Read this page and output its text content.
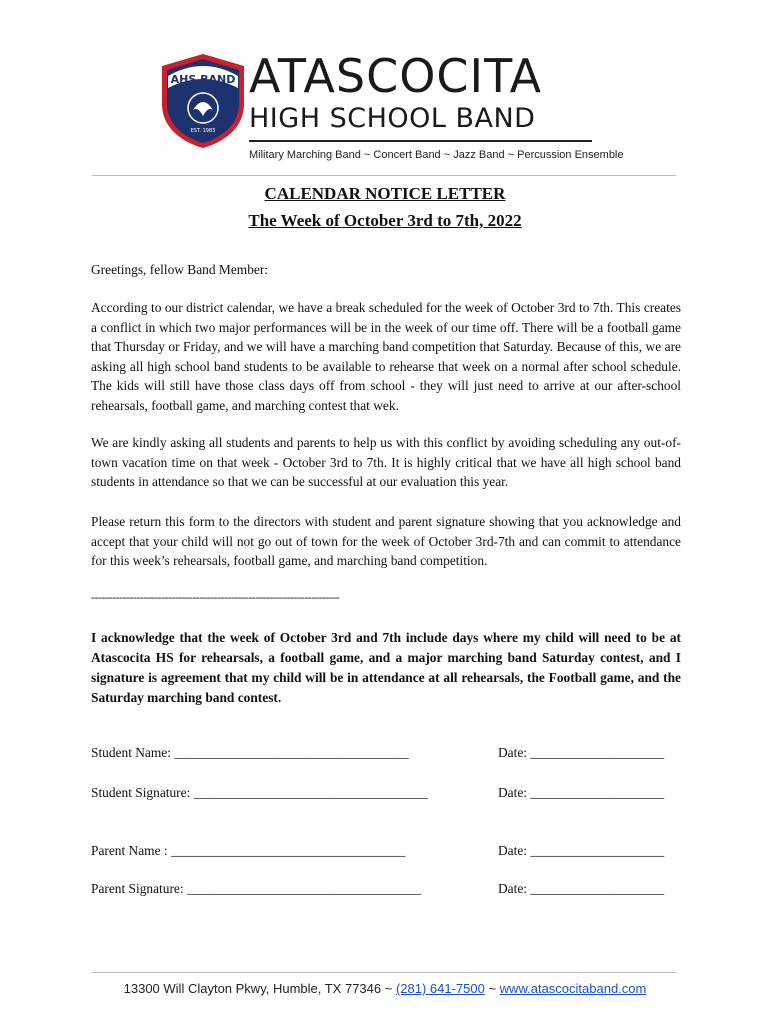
AHS BAND
EST. 1983
ATASCOCITA
HIGH SCHOOL BAND
Military Marching Band ~ Concert Band ~ Jazz Band ~ Percussion Ensemble
CALENDAR NOTICE LETTER
The Week of October 3rd to 7th, 2022

Greetings, fellow Band Member:

According to our district calendar, we have a break scheduled for the week of October 3rd to 7th. This creates a conflict in which two major performances will be in the week of our time off. There will be a football game that Thursday or Friday, and we will have a marching band competition that Saturday. Because of this, we are asking all high school band students to be available to rehearse that week on a normal after school schedule. The kids will still have those class days off from school - they will just need to arrive at our after-school rehearsals, football game, and marching contest that wek.

We are kindly asking all students and parents to help us with this conflict by avoiding scheduling any out-of-town vacation time on that week - October 3rd to 7th. It is highly critical that we have all high school band students in attendance so that we can be successful at our evaluation this year.

Please return this form to the directors with student and parent signature showing that you acknowledge and accept that your child will not go out of town for the week of October 3rd-7th and can commit to attendance for this week’s rehearsals, football game, and marching band competition.

-----------------------------------------------------------------------

I acknowledge that the week of October 3rd and 7th include days where my child will need to be at Atascocita HS for rehearsals, a football game, and a major marching band Saturday contest, and I signature is agreement that my child will be in attendance at all rehearsals, the Football game, and the Saturday marching band contest.

Student Name: ___________________________________	Date: ____________________
Student Signature: ___________________________________	Date: ____________________
Parent Name : ___________________________________	Date: ____________________
Parent Signature: ___________________________________	Date: ____________________
13300 Will Clayton Pkwy, Humble, TX 77346 ~ (281) 641-7500 ~ www.atascocitaband.com
